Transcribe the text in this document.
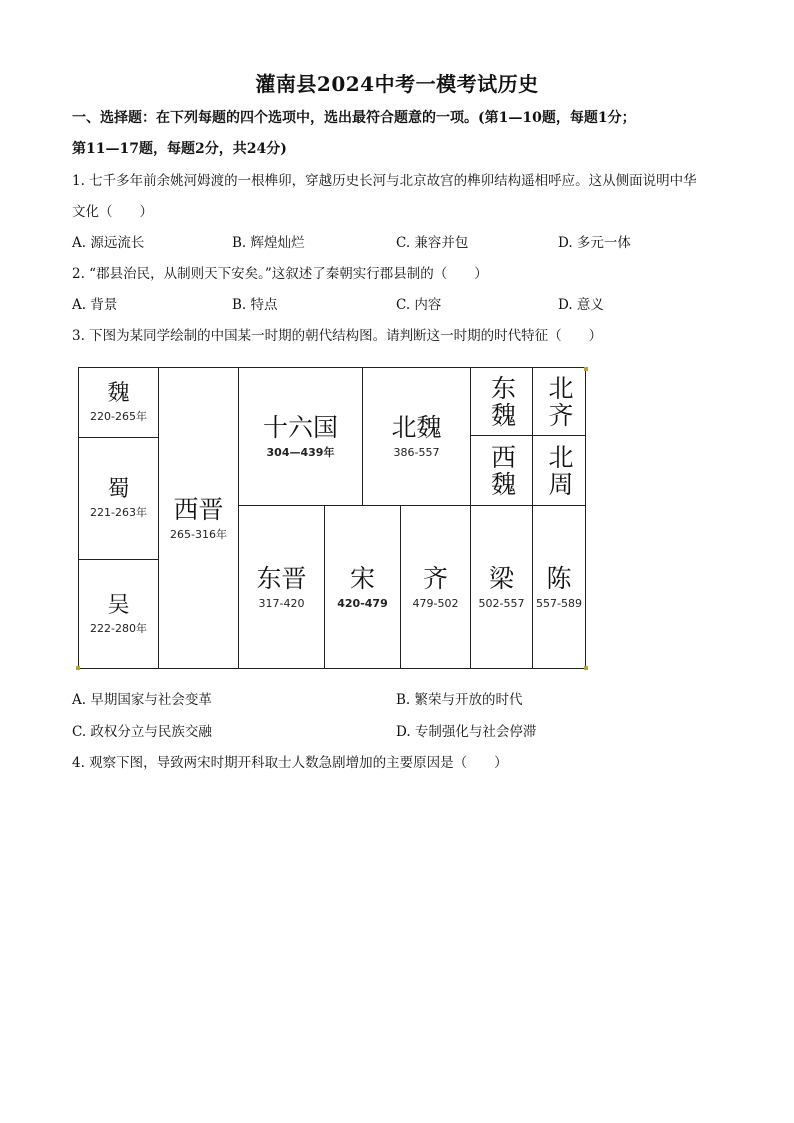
灌南县2024中考一模考试历史
一、选择题：在下列每题的四个选项中，选出最符合题意的一项。(第1—10题，每题1分；
第11—17题，每题2分，共24分)
1. 七千多年前余姚河姆渡的一根榫卯，穿越历史长河与北京故宫的榫卯结构遥相呼应。这从侧面说明中华
文化（　　）
A. 源远流长	B. 辉煌灿烂	C. 兼容并包	D. 多元一体
2. “郡县治民，从制则天下安矣。”这叙述了秦朝实行郡县制的（　　）
A. 背景	B. 特点	C. 内容	D. 意义
3. 下图为某同学绘制的中国某一时期的朝代结构图。请判断这一时期的时代特征（　　）
魏
220-265年
蜀
221-263年
吴
222-280年
西晋
265-316年
十六国
304—439年
北魏
386-557
东魏 北齐
西魏 北周
东晋
317-420
宋
420-479
齐
479-502
梁
502-557
陈
557-589
A. 早期国家与社会变革	B. 繁荣与开放的时代
C. 政权分立与民族交融	D. 专制强化与社会停滞
4. 观察下图，导致两宋时期开科取士人数急剧增加的主要原因是（　　）
